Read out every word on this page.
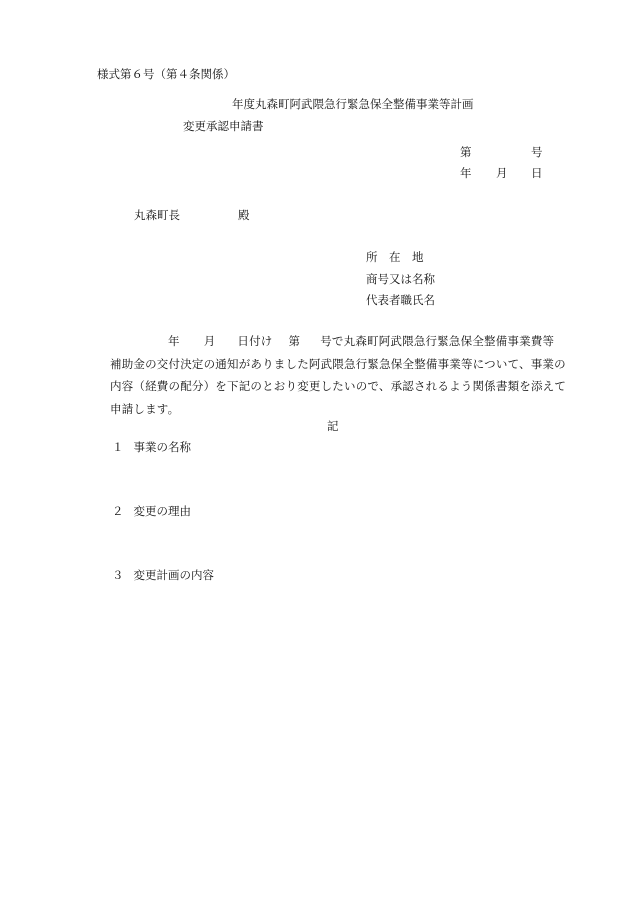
様式第６号（第４条関係）
年度丸森町阿武隈急行緊急保全整備事業等計画
変更承認申請書
第	号
年 月 日
丸森町長	殿
所　在　地
商号又は名称
代表者職氏名
年 月 日付け 第 号で丸森町阿武隈急行緊急保全整備事業費等
補助金の交付決定の通知がありました阿武隈急行緊急保全整備事業等について、事業の
内容（経費の配分）を下記のとおり変更したいので、承認されるよう関係書類を添えて
申請します。
記
１ 事業の名称
２ 変更の理由
３ 変更計画の内容
